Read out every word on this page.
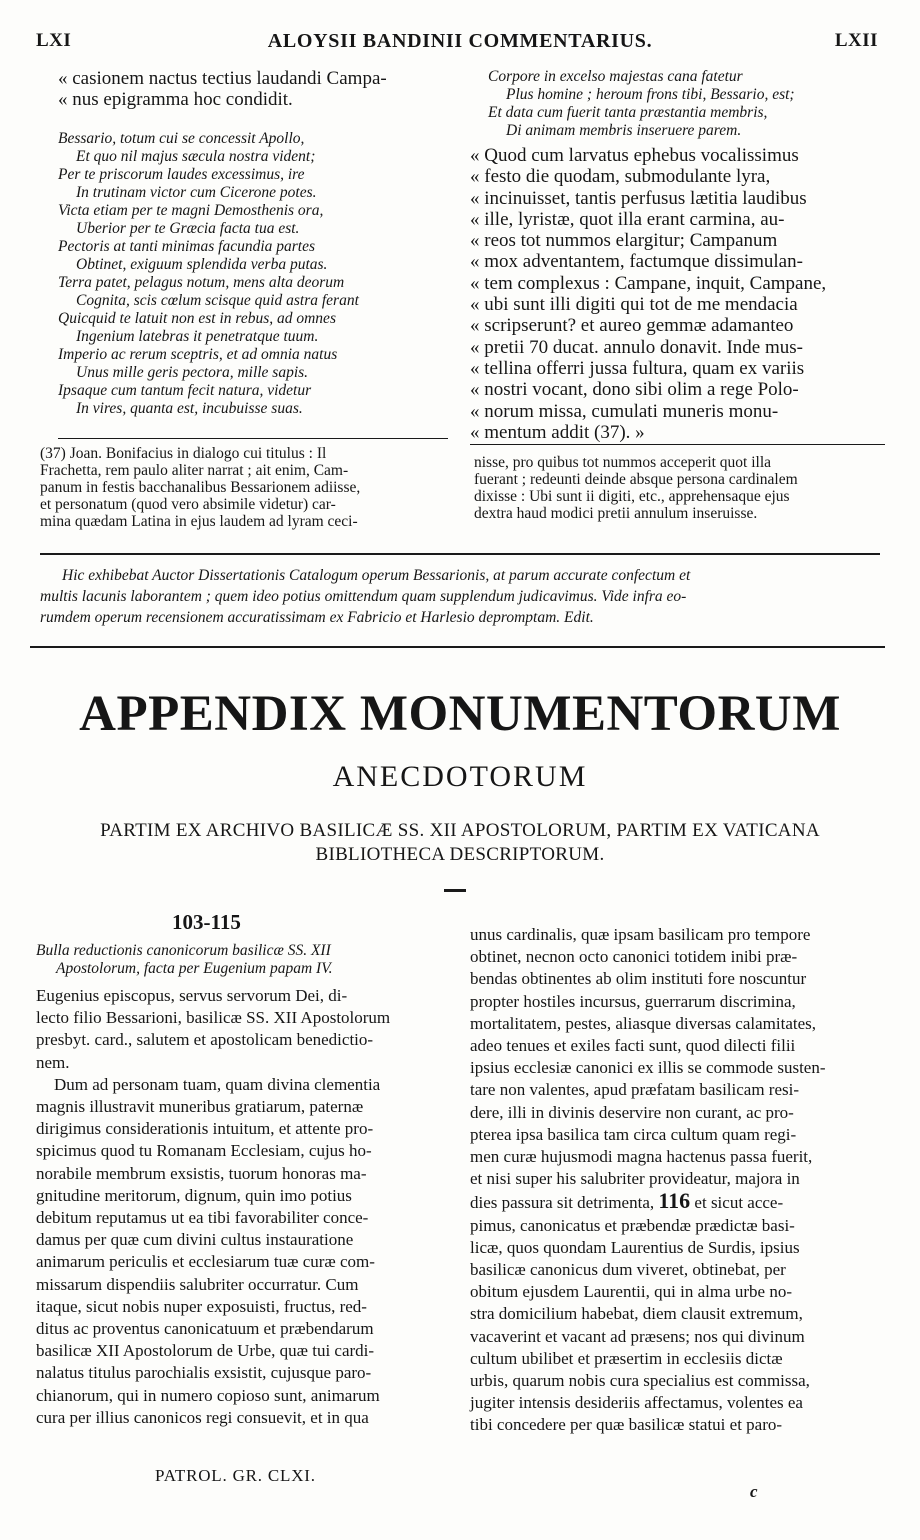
LXI	ALOYSII BANDINII COMMENTARIUS.	LXII
« casionem nactus tectius laudandi Campa-
« nus epigramma hoc condidit.
Bessario, totum cui se concessit Apollo,
Et quo nil majus sæcula nostra vident;
Per te priscorum laudes excessimus, ire
In trutinam victor cum Cicerone potes.
Victa etiam per te magni Demosthenis ora,
Uberior per te Græcia facta tua est.
Pectoris at tanti minimas facundia partes
Obtinet, exiguum splendida verba putas.
Terra patet, pelagus notum, mens alta deorum
Cognita, scis cœlum scisque quid astra ferant
Quicquid te latuit non est in rebus, ad omnes
Ingenium latebras it penetratque tuum.
Imperio ac rerum sceptris, et ad omnia natus
Unus mille geris pectora, mille sapis.
Ipsaque cum tantum fecit natura, videtur
In vires, quanta est, incubuisse suas.
(37) Joan. Bonifacius in dialogo cui titulus : Il
Frachetta, rem paulo aliter narrat ; ait enim, Cam-
panum in festis bacchanalibus Bessarionem adiisse,
et personatum (quod vero absimile videtur) car-
mina quædam Latina in ejus laudem ad lyram ceci-
Corpore in excelso majestas cana fatetur
Plus homine ; heroum frons tibi, Bessario, est;
Et data cum fuerit tanta præstantia membris,
Di animam membris inseruere parem.
« Quod cum larvatus ephebus vocalissimus
« festo die quodam, submodulante lyra,
« incinuisset, tantis perfusus lætitia laudibus
« ille, lyristæ, quot illa erant carmina, au-
« reos tot nummos elargitur; Campanum
« mox adventantem, factumque dissimulan-
« tem complexus : Campane, inquit, Campane,
« ubi sunt illi digiti qui tot de me mendacia
« scripserunt? et aureo gemmæ adamanteo
« pretii 70 ducat. annulo donavit. Inde mus-
« tellina offerri jussa fultura, quam ex variis
« nostri vocant, dono sibi olim a rege Polo-
« norum missa, cumulati muneris monu-
« mentum addit (37). »
nisse, pro quibus tot nummos acceperit quot illa
fuerant ; redeunti deinde absque persona cardinalem
dixisse : Ubi sunt ii digiti, etc., apprehensaque ejus
dextra haud modici pretii annulum inseruisse.
Hic exhibebat Auctor Dissertationis Catalogum operum Bessarionis, at parum accurate confectum et
multis lacunis laborantem ; quem ideo potius omittendum quam supplendum judicavimus. Vide infra eo-
rumdem operum recensionem accuratissimam ex Fabricio et Harlesio depromptam. Edit.
APPENDIX MONUMENTORUM
ANECDOTORUM
PARTIM EX ARCHIVO BASILICÆ SS. XII APOSTOLORUM, PARTIM EX VATICANA
BIBLIOTHECA DESCRIPTORUM.
103-115
Bulla reductionis canonicorum basilicæ SS. XII
Apostolorum, facta per Eugenium papam IV.
Eugenius episcopus, servus servorum Dei, di-
lecto filio Bessarioni, basilicæ SS. XII Apostolorum
presbyt. card., salutem et apostolicam benedictio-
nem.
Dum ad personam tuam, quam divina clementia
magnis illustravit muneribus gratiarum, paternæ
dirigimus considerationis intuitum, et attente pro-
spicimus quod tu Romanam Ecclesiam, cujus ho-
norabile membrum exsistis, tuorum honoras ma-
gnitudine meritorum, dignum, quin imo potius
debitum reputamus ut ea tibi favorabiliter conce-
damus per quæ cum divini cultus instauratione
animarum periculis et ecclesiarum tuæ curæ com-
missarum dispendiis salubriter occurratur. Cum
itaque, sicut nobis nuper exposuisti, fructus, red-
ditus ac proventus canonicatuum et præbendarum
basilicæ XII Apostolorum de Urbe, quæ tui cardi-
nalatus titulus parochialis exsistit, cujusque paro-
chianorum, qui in numero copioso sunt, animarum
cura per illius canonicos regi consuevit, et in qua
PATROL. GR. CLXI.
unus cardinalis, quæ ipsam basilicam pro tempore
obtinet, necnon octo canonici totidem inibi præ-
bendas obtinentes ab olim instituti fore noscuntur
propter hostiles incursus, guerrarum discrimina,
mortalitatem, pestes, aliasque diversas calamitates,
adeo tenues et exiles facti sunt, quod dilecti filii
ipsius ecclesiæ canonici ex illis se commode susten-
tare non valentes, apud præfatam basilicam resi-
dere, illi in divinis deservire non curant, ac pro-
pterea ipsa basilica tam circa cultum quam regi-
men curæ hujusmodi magna hactenus passa fuerit,
et nisi super his salubriter provideatur, majora in
dies passura sit detrimenta, 116 et sicut acce-
pimus, canonicatus et præbendæ prædictæ basi-
licæ, quos quondam Laurentius de Surdis, ipsius
basilicæ canonicus dum viveret, obtinebat, per
obitum ejusdem Laurentii, qui in alma urbe no-
stra domicilium habebat, diem clausit extremum,
vacaverint et vacant ad præsens; nos qui divinum
cultum ubilibet et præsertim in ecclesiis dictæ
urbis, quarum nobis cura specialius est commissa,
jugiter intensis desideriis affectamus, volentes ea
tibi concedere per quæ basilicæ statui et paro-
c
